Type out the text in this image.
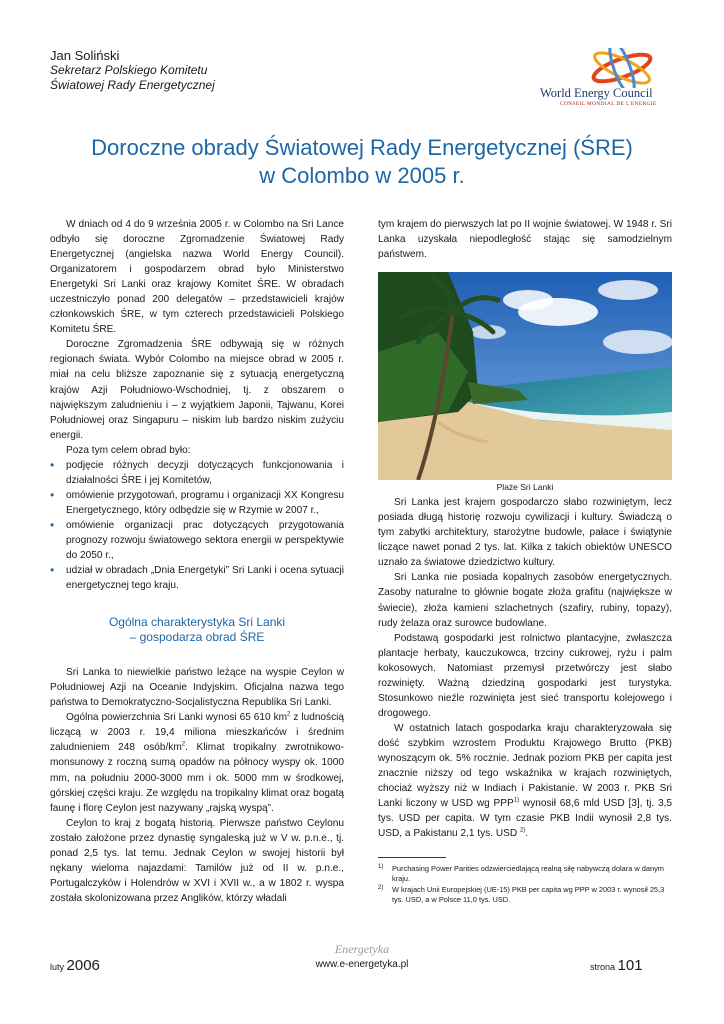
Jan Soliński
Sekretarz Polskiego Komitetu
Światowej Rady Energetycznej
World Energy Council
CONSEIL MONDIAL DE L'ENERGIE
Doroczne obrady Światowej Rady Energetycznej (ŚRE)
w Colombo w 2005 r.

W dniach od 4 do 9 września 2005 r. w Colombo na Sri Lance odbyło się doroczne Zgromadzenie Światowej Rady Energetycznej (angielska nazwa World Energy Council). Organizatorem i gospodarzem obrad było Ministerstwo Energetyki Sri Lanki oraz krajowy Komitet ŚRE. W obradach uczestniczyło ponad 200 delegatów – przedstawicieli krajów członkowskich ŚRE, w tym czterech przedstawicieli Polskiego Komitetu ŚRE.

Doroczne Zgromadzenia ŚRE odbywają się w różnych regionach świata. Wybór Colombo na miejsce obrad w 2005 r. miał na celu bliższe zapoznanie się z sytuacją energetyczną krajów Azji Południowo-Wschodniej, tj. z obszarem o największym zaludnieniu i – z wyjątkiem Japonii, Tajwanu, Korei Południowej oraz Singapuru – niskim lub bardzo niskim zużyciu energii.

Poza tym celem obrad było:

• podjęcie różnych decyzji dotyczących funkcjonowania i działalności ŚRE i jej Komitetów,
• omówienie przygotowań, programu i organizacji XX Kongresu Energetycznego, który odbędzie się w Rzymie w 2007 r.,
• omówienie organizacji prac dotyczących przygotowania prognozy rozwoju światowego sektora energii w perspektywie do 2050 r.,
• udział w obradach „Dnia Energetyki” Sri Lanki i ocena sytuacji energetycznej tego kraju.
Ogólna charakterystyka Sri Lanki
– gospodarza obrad ŚRE

Sri Lanka to niewielkie państwo leżące na wyspie Ceylon w Południowej Azji na Oceanie Indyjskim. Oficjalna nazwa tego państwa to Demokratyczno-Socjalistyczna Republika Sri Lanki.

Ogólna powierzchnia Sri Lanki wynosi 65 610 $km^2$ z ludnością liczącą w 2003 r. 19,4 miliona mieszkańców i średnim zaludnieniem 248 osób/$km^2$. Klimat tropikalny zwrotnikowo-monsunowy z roczną sumą opadów na północy wyspy ok. 1000 mm, na południu 2000-3000 mm i ok. 5000 mm w środkowej, górskiej części kraju. Ze względu na tropikalny klimat oraz bogatą faunę i florę Ceylon jest nazywany „rajską wyspą”.

Ceylon to kraj z bogatą historią. Pierwsze państwo Ceylonu zostało założone przez dynastię syngaleską już w V w. p.n.e., tj. ponad 2,5 tys. lat temu. Jednak Ceylon w swojej historii był nękany wieloma najazdami: Tamilów już od II w. p.n.e., Portugalczyków i Holendrów w XVI i XVII w., a w 1802 r. wyspa została skolonizowana przez Anglików, którzy władali

tym krajem do pierwszych lat po II wojnie światowej. W 1948 r. Sri Lanka uzyskała niepodległość stając się samodzielnym państwem.

Plaże Sri Lanki

Sri Lanka jest krajem gospodarczo słabo rozwiniętym, lecz posiada długą historię rozwoju cywilizacji i kultury. Świadczą o tym zabytki architektury, starożytne budowle, pałace i świątynie liczące nawet ponad 2 tys. lat. Kilka z takich obiektów UNESCO uznało za światowe dziedzictwo kultury.

Sri Lanka nie posiada kopalnych zasobów energetycznych. Zasoby naturalne to głównie bogate złoża grafitu (największe w świecie), złoża kamieni szlachetnych (szafiry, rubiny, topazy), rudy żelaza oraz surowce budowlane.

Podstawą gospodarki jest rolnictwo plantacyjne, zwłaszcza plantacje herbaty, kauczukowca, trzciny cukrowej, ryżu i palm kokosowych. Natomiast przemysł przetwórczy jest słabo rozwinięty. Ważną dziedziną gospodarki jest turystyka. Stosunkowo nieźle rozwinięta jest sieć transportu kolejowego i drogowego.

W ostatnich latach gospodarka kraju charakteryzowała się dość szybkim wzrostem Produktu Krajowego Brutto (PKB) wynoszącym ok. 5% rocznie. Jednak poziom PKB per capita jest znacznie niższy od tego wskaźnika w krajach rozwiniętych, chociaż wyższy niż w Indiach i Pakistanie. W 2003 r. PKB Sri Lanki liczony w USD wg PPP$^{1)}$ wynosił 68,6 mld USD [3], tj. 3,5 tys. USD per capita. W tym czasie PKB Indii wynosił 2,8 tys. USD, a Pakistanu 2,1 tys. USD $^{2)}$.

1) Purchasing Power Parities odzwierciedlającą realną siłę nabywczą dolara w danym kraju.
2) W krajach Unii Europejskiej (UE-15) PKB per capita wg PPP w 2003 r. wynosił 25,3 tys. USD, a w Polsce 11,0 tys. USD.
luty 2006
Energetyka
www.e-energetyka.pl	strona 101
